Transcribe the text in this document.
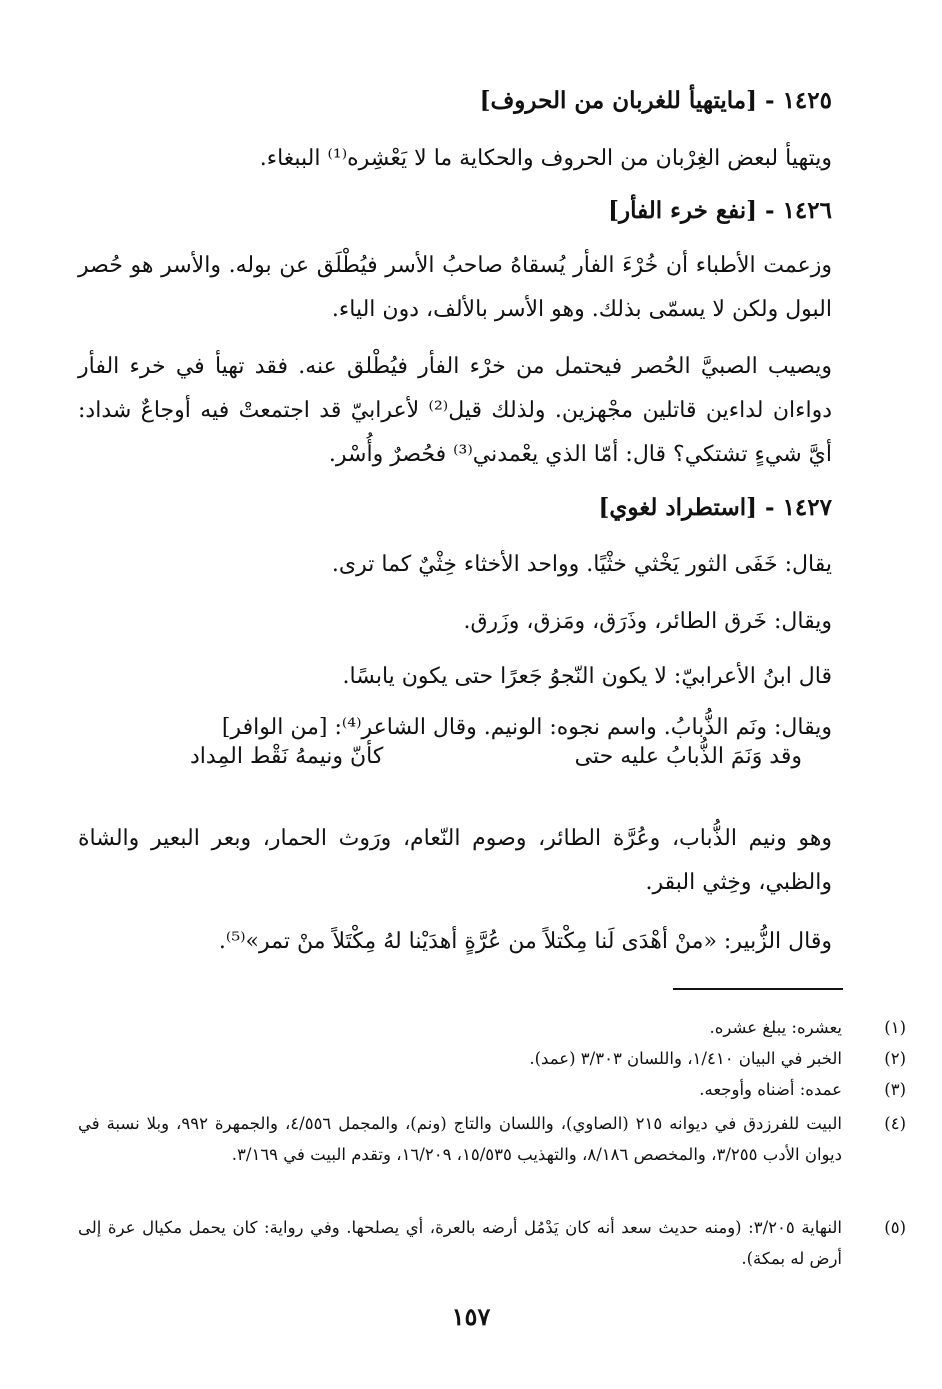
١٤٢٥ - [مايتهيأ للغربان من الحروف]
ويتهيأ لبعض الغِرْبان من الحروف والحكاية ما لا يَعْشِره⁽¹⁾ الببغاء.
١٤٢٦ - [نفع خرء الفأر]
وزعمت الأطباء أن خُرْءَ الفأر يُسقاهُ صاحبُ الأسر فيُطْلَق عن بوله. والأسر هو حُصر البول ولكن لا يسمّى بذلك. وهو الأسر بالألف، دون الياء.
ويصيب الصبيَّ الحُصر فيحتمل من خرْء الفأر فيُطْلق عنه. فقد تهيأ في خرء الفأر دواءان لداءين قاتلين مجْهزين. ولذلك قيل⁽²⁾ لأعرابيّ قد اجتمعتْ فيه أوجاعٌ شداد: أيَّ شيءٍ تشتكي؟ قال: أمّا الذي يعْمدني⁽³⁾ فحُصرٌ وأُسْر.
١٤٢٧ - [استطراد لغوي]
يقال: خَفَى الثور يَخْثي خثْيًا. وواحد الأخثاء خِثْيٌ كما ترى.
ويقال: خَرق الطائر، وذَرَق، ومَزق، وزَرق.
قال ابنُ الأعرابيّ: لا يكون النّجوُ جَعرًا حتى يكون يابسًا.
ويقال: ونَم الذُّبابُ. واسم نجوه: الونيم. وقال الشاعر⁽⁴⁾: [من الوافر]
وقد وَنَمَ الذُّبابُ عليه حتى
كأنّ ونيمهُ نَقْط المِداد
وهو ونيم الذُّباب، وعُرَّة الطائر، وصوم النّعام، ورَوث الحمار، وبعر البعير والشاة والظبي، وخِثي البقر.
وقال الزُّبير: «منْ أهْدَى لَنا مِكْتلاً من عُرَّةٍ أهدَيْنا لهُ مِكْتَلاً منْ تمر»⁽⁵⁾.
(١)
يعشره: يبلغ عشره.
(٢)
الخبر في البيان ١/٤١٠، واللسان ٣/٣٠٣ (عمد).
(٣)
عمده: أضناه وأوجعه.
(٤)
البيت للفرزدق في ديوانه ٢١٥ (الصاوي)، واللسان والتاج (ونم)، والمجمل ٤/٥٥٦، والجمهرة ٩٩٢، وبلا نسبة في ديوان الأدب ٣/٢٥٥، والمخصص ٨/١٨٦، والتهذيب ١٥/٥٣٥، ١٦/٢٠٩، وتقدم البيت في ٣/١٦٩.
(٥)
النهاية ٣/٢٠٥: (ومنه حديث سعد أنه كان يَدْمُل أرضه بالعرة، أي يصلحها. وفي رواية: كان يحمل مكيال عرة إلى أرض له بمكة).
١٥٧
